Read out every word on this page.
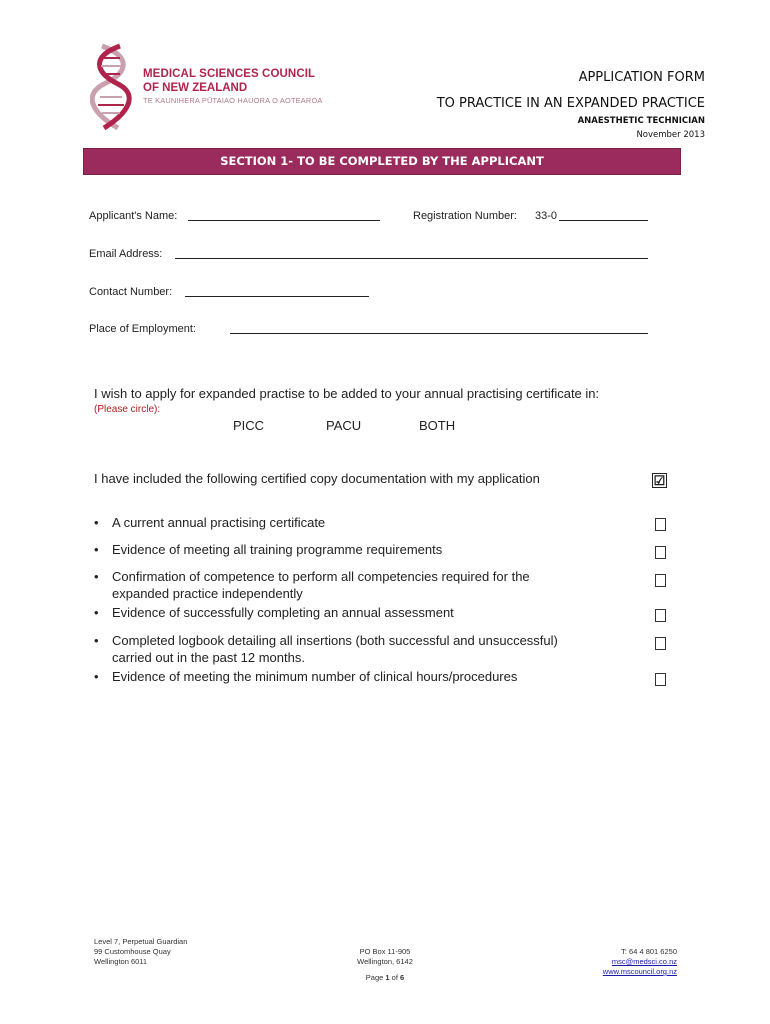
MEDICAL SCIENCES COUNCIL
OF NEW ZEALAND
TE KAUNIHERA PŪTAIAO HAUORA O AOTEAROA
APPLICATION FORM
TO PRACTICE IN AN EXPANDED PRACTICE
ANAESTHETIC TECHNICIAN
November 2013
SECTION 1- TO BE COMPLETED BY THE APPLICANT
Applicant's Name:	Registration Number: 33-0
Email Address:
Contact Number:
Place of Employment:
I wish to apply for expanded practise to be added to your annual practising certificate in:
(Please circle):
PICC	PACU	BOTH
I have included the following certified copy documentation with my application	☑
• A current annual practising certificate
• Evidence of meeting all training programme requirements
• Confirmation of competence to perform all competencies required for the
expanded practice independently
• Evidence of successfully completing an annual assessment
• Completed logbook detailing all insertions (both successful and unsuccessful)
carried out in the past 12 months.
• Evidence of meeting the minimum number of clinical hours/procedures
Level 7, Perpetual Guardian
99 Customhouse Quay
Wellington 6011
PO Box 11-905
Wellington, 6142
Page 1 of 6
T: 64 4 801 6250
msc@medsci.co.nz
www.mscouncil.org.nz
